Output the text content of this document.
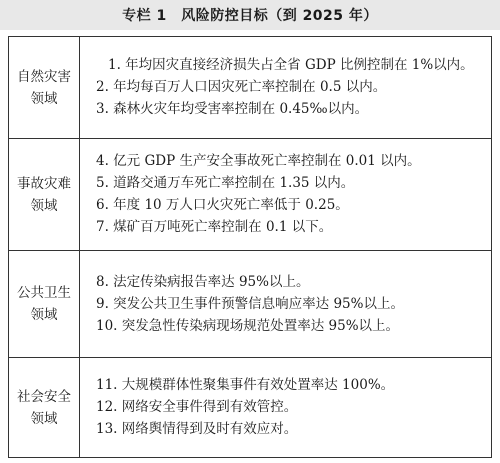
专栏 1　风险防控目标（到 2025 年）
自然灾害
领域	1. 年均因灾直接经济损失占全省 GDP 比例控制在 1%以内。
2. 年均每百万人口因灾死亡率控制在 0.5 以内。
3. 森林火灾年均受害率控制在 0.45‰以内。

事故灾难
领域	4. 亿元 GDP 生产安全事故死亡率控制在 0.01 以内。
5. 道路交通万车死亡率控制在 1.35 以内。
6. 年度 10 万人口火灾死亡率低于 0.25。
7. 煤矿百万吨死亡率控制在 0.1 以下。

公共卫生
领域	8. 法定传染病报告率达 95%以上。
9. 突发公共卫生事件预警信息响应率达 95%以上。
10. 突发急性传染病现场规范处置率达 95%以上。

社会安全
领域	11. 大规模群体性聚集事件有效处置率达 100%。
12. 网络安全事件得到有效管控。
13. 网络舆情得到及时有效应对。
